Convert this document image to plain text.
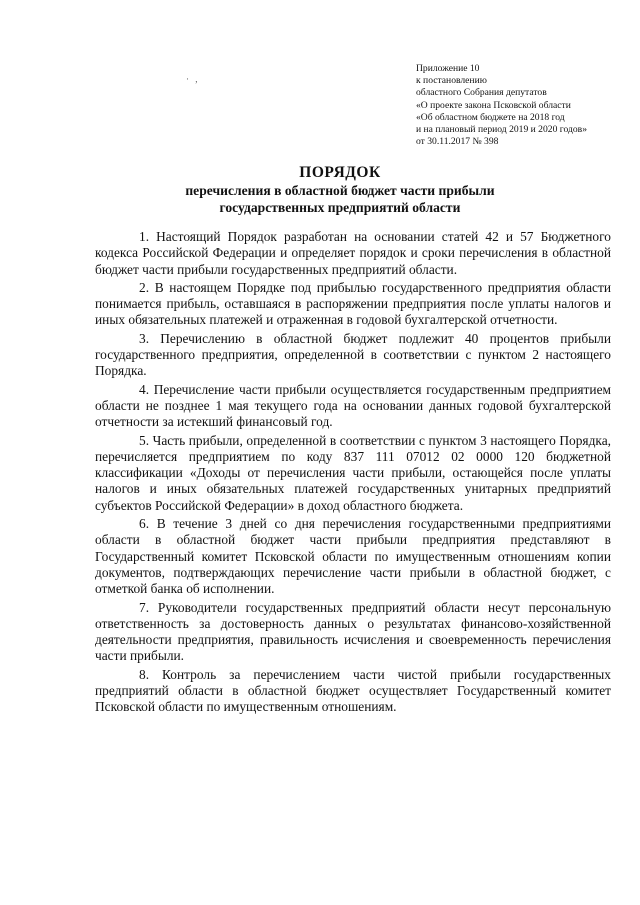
· ,
Приложение 10
к постановлению
областного Собрания депутатов
«О проекте закона Псковской области
«Об областном бюджете на 2018 год
и на плановый период 2019 и 2020 годов»
от 30.11.2017 № 398
ПОРЯДОК
перечисления в областной бюджет части прибыли
государственных предприятий области

1. Настоящий Порядок разработан на основании статей 42 и 57 Бюджетного кодекса Российской Федерации и определяет порядок и сроки перечисления в областной бюджет части прибыли государственных предприятий области.

2. В настоящем Порядке под прибылью государственного предприятия области понимается прибыль, оставшаяся в распоряжении предприятия после уплаты налогов и иных обязательных платежей и отраженная в годовой бухгалтерской отчетности.

3. Перечислению в областной бюджет подлежит 40 процентов прибыли государственного предприятия, определенной в соответствии с пунктом 2 настоящего Порядка.

4. Перечисление части прибыли осуществляется государственным предприятием области не позднее 1 мая текущего года на основании данных годовой бухгалтерской отчетности за истекший финансовый год.

5. Часть прибыли, определенной в соответствии с пунктом 3 настоящего Порядка, перечисляется предприятием по коду 837 111 07012 02 0000 120 бюджетной классификации «Доходы от перечисления части прибыли, остающейся после уплаты налогов и иных обязательных платежей государственных унитарных предприятий субъектов Российской Федерации» в доход областного бюджета.

6. В течение 3 дней со дня перечисления государственными предприятиями области в областной бюджет части прибыли предприятия представляют в Государственный комитет Псковской области по имущественным отношениям копии документов, подтверждающих перечисление части прибыли в областной бюджет, с отметкой банка об исполнении.

7. Руководители государственных предприятий области несут персональную ответственность за достоверность данных о результатах финансово-хозяйственной деятельности предприятия, правильность исчисления и своевременность перечисления части прибыли.

8. Контроль за перечислением части чистой прибыли государственных предприятий области в областной бюджет осуществляет Государственный комитет Псковской области по имущественным отношениям.
